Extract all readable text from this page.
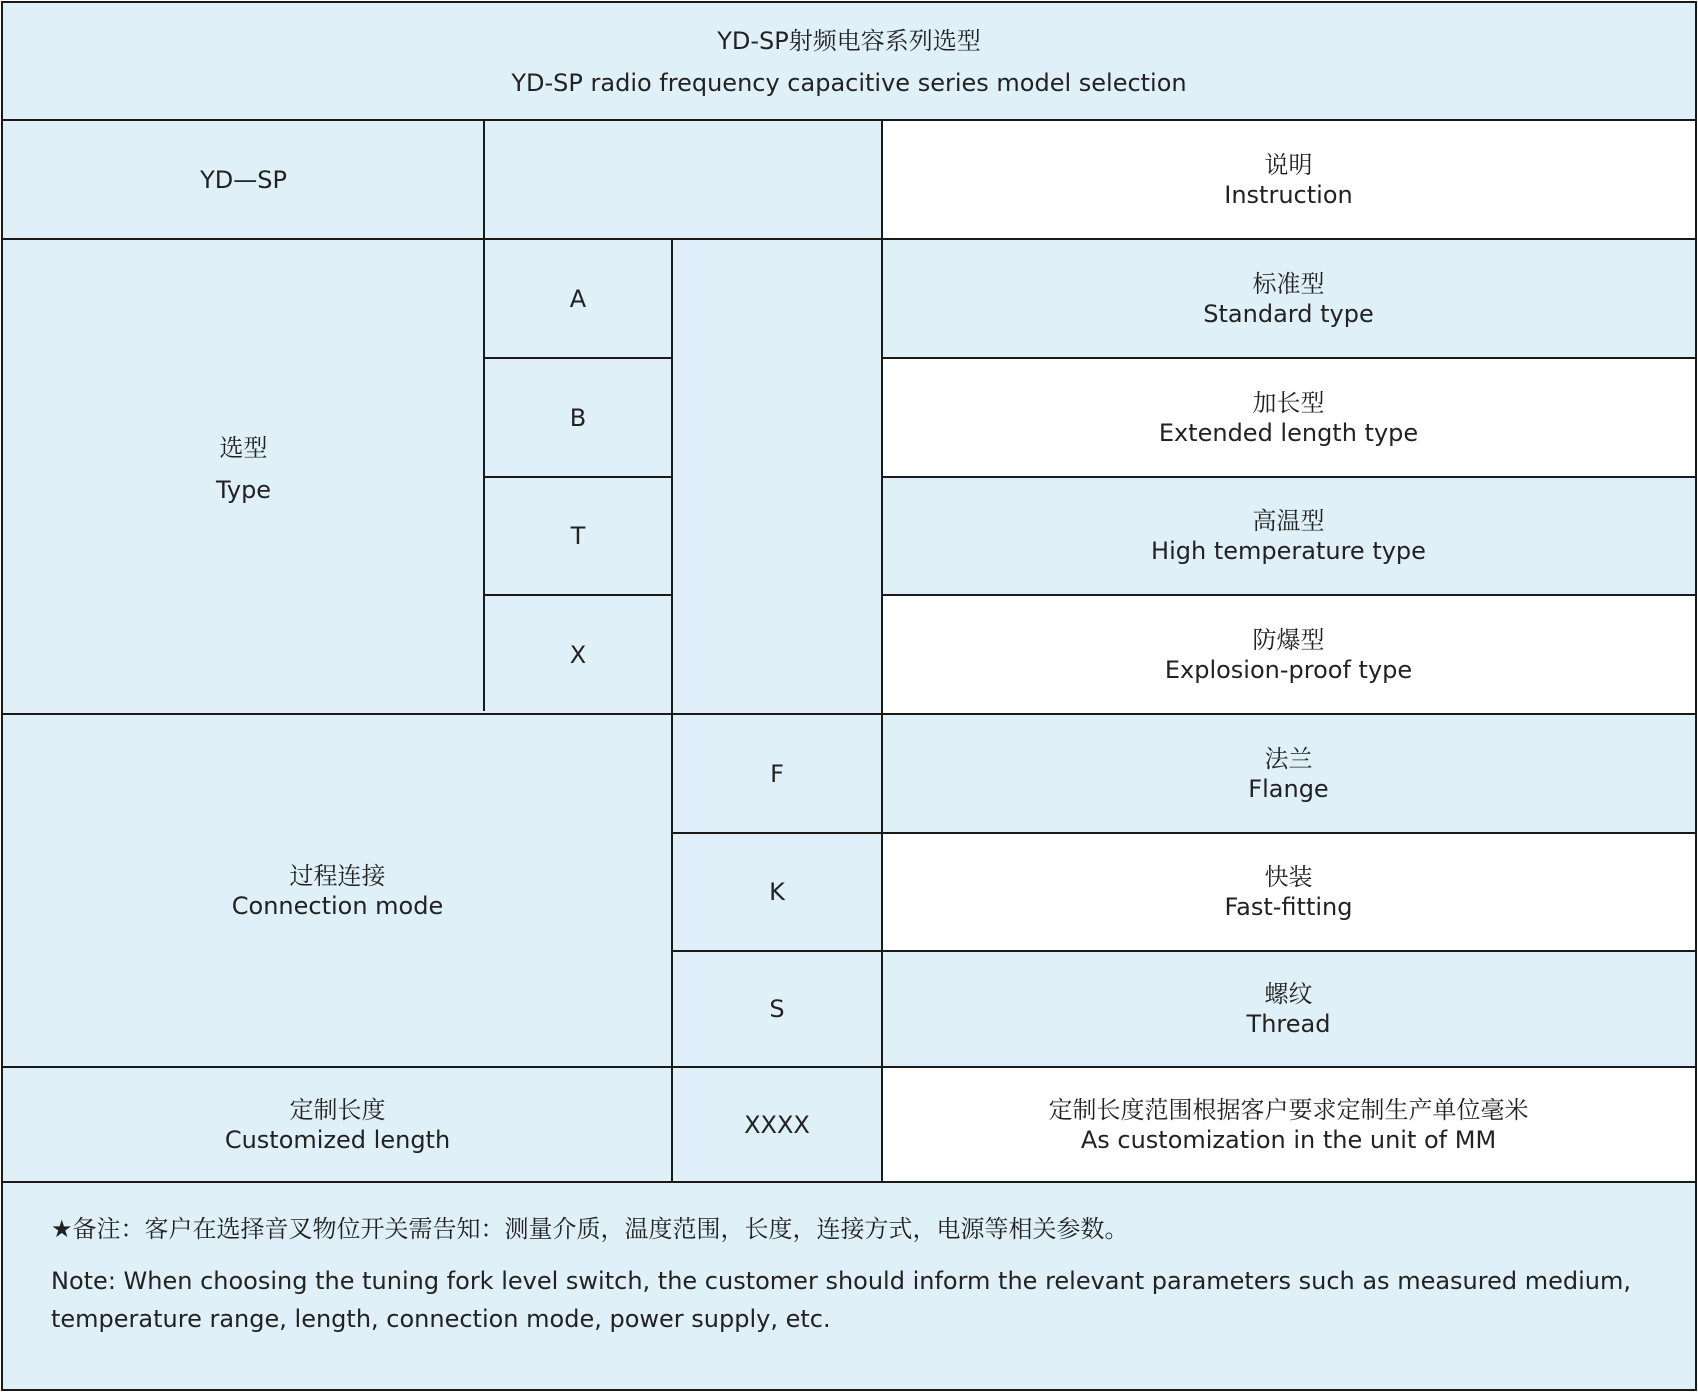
YD-SP射频电容系列选型
YD-SP radio frequency capacitive series model selection
YD—SP
说明
Instruction
选型
Type
A
标准型
Standard type
B
加长型
Extended length type
T
高温型
High temperature type
X
防爆型
Explosion-proof type
过程连接
Connection mode
F
法兰
Flange
K
快装
Fast-fitting
S
螺纹
Thread
定制长度
Customized length
XXXX
定制长度范围根据客户要求定制生产单位毫米
As customization in the unit of MM

★备注：客户在选择音叉物位开关需告知：测量介质，温度范围，长度，连接方式，电源等相关参数。

Note: When choosing the tuning fork level switch, the customer should inform the relevant parameters such as measured medium, temperature range, length, connection mode, power supply, etc.
